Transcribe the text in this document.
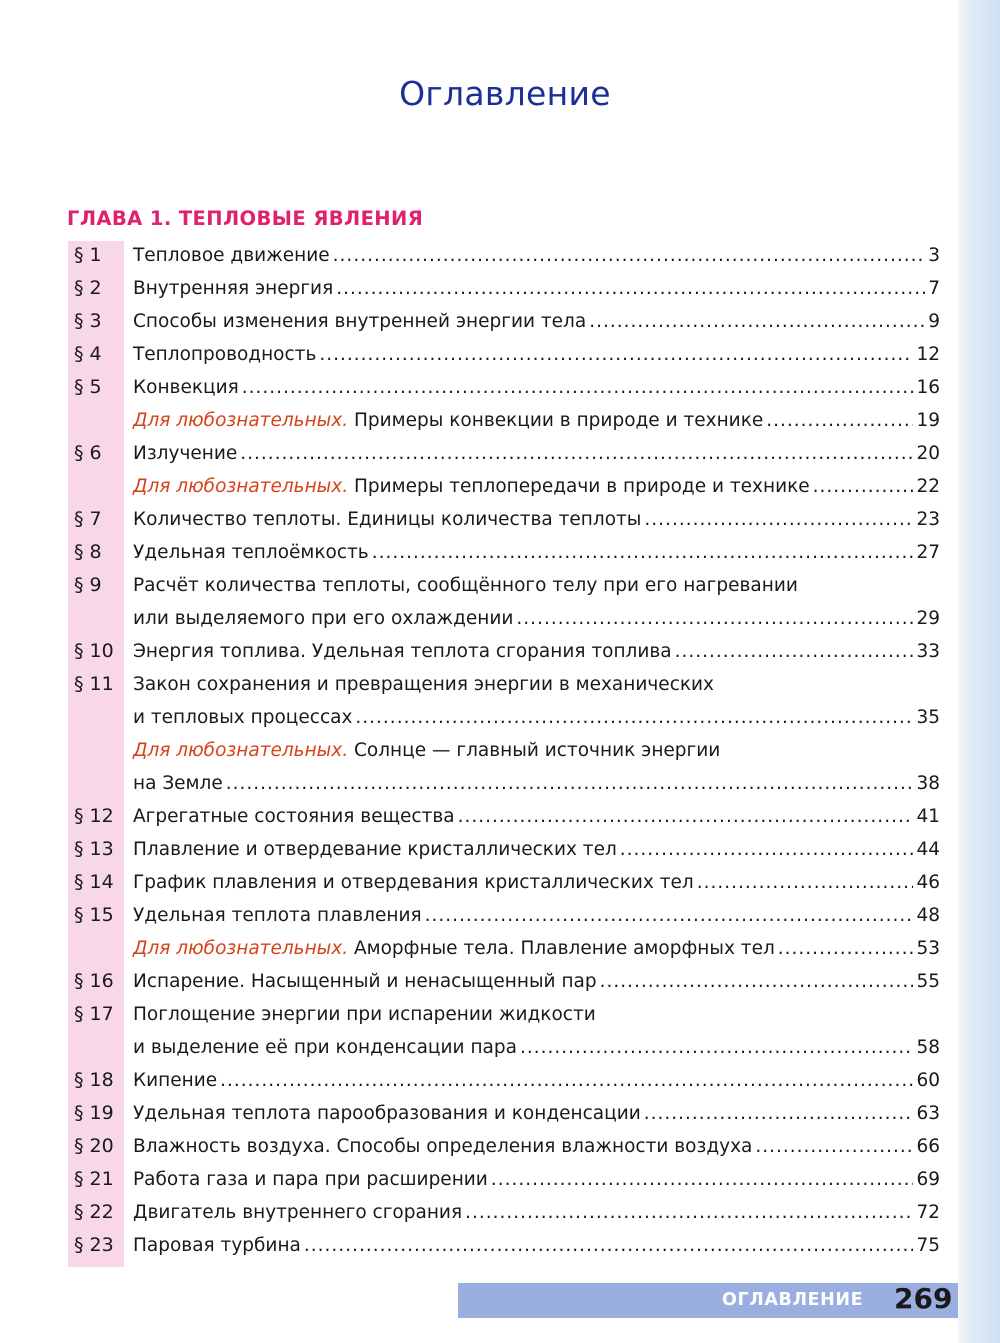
Оглавление
ГЛАВА 1. ТЕПЛОВЫЕ ЯВЛЕНИЯ
§ 1 Тепловое движение .....	3
§ 2 Внутренняя энергия .....	7
§ 3 Способы изменения внутренней энергии тела .....	9
§ 4 Теплопроводность .....	12
§ 5 Конвекция .....	16
Для любознательных. Примеры конвекции в природе и технике .....	19
§ 6 Излучение .....	20
Для любознательных. Примеры теплопередачи в природе и технике .....	22
§ 7 Количество теплоты. Единицы количества теплоты .....	23
§ 8 Удельная теплоёмкость .....	27
§ 9 Расчёт количества теплоты, сообщённого телу при его нагревании
или выделяемого при его охлаждении .....	29
§ 10 Энергия топлива. Удельная теплота сгорания топлива .....	33
§ 11 Закон сохранения и превращения энергии в механических
и тепловых процессах .....	35
Для любознательных. Солнце — главный источник энергии
на Земле .....	38
§ 12 Агрегатные состояния вещества .....	41
§ 13 Плавление и отвердевание кристаллических тел .....	44
§ 14 График плавления и отвердевания кристаллических тел .....	46
§ 15 Удельная теплота плавления .....	48
Для любознательных. Аморфные тела. Плавление аморфных тел .....	53
§ 16 Испарение. Насыщенный и ненасыщенный пар .....	55
§ 17 Поглощение энергии при испарении жидкости
и выделение её при конденсации пара .....	58
§ 18 Кипение .....	60
§ 19 Удельная теплота парообразования и конденсации .....	63
§ 20 Влажность воздуха. Способы определения влажности воздуха .....	66
§ 21 Работа газа и пара при расширении .....	69
§ 22 Двигатель внутреннего сгорания .....	72
§ 23 Паровая турбина .....	75
ОГЛАВЛЕНИЕ 269
